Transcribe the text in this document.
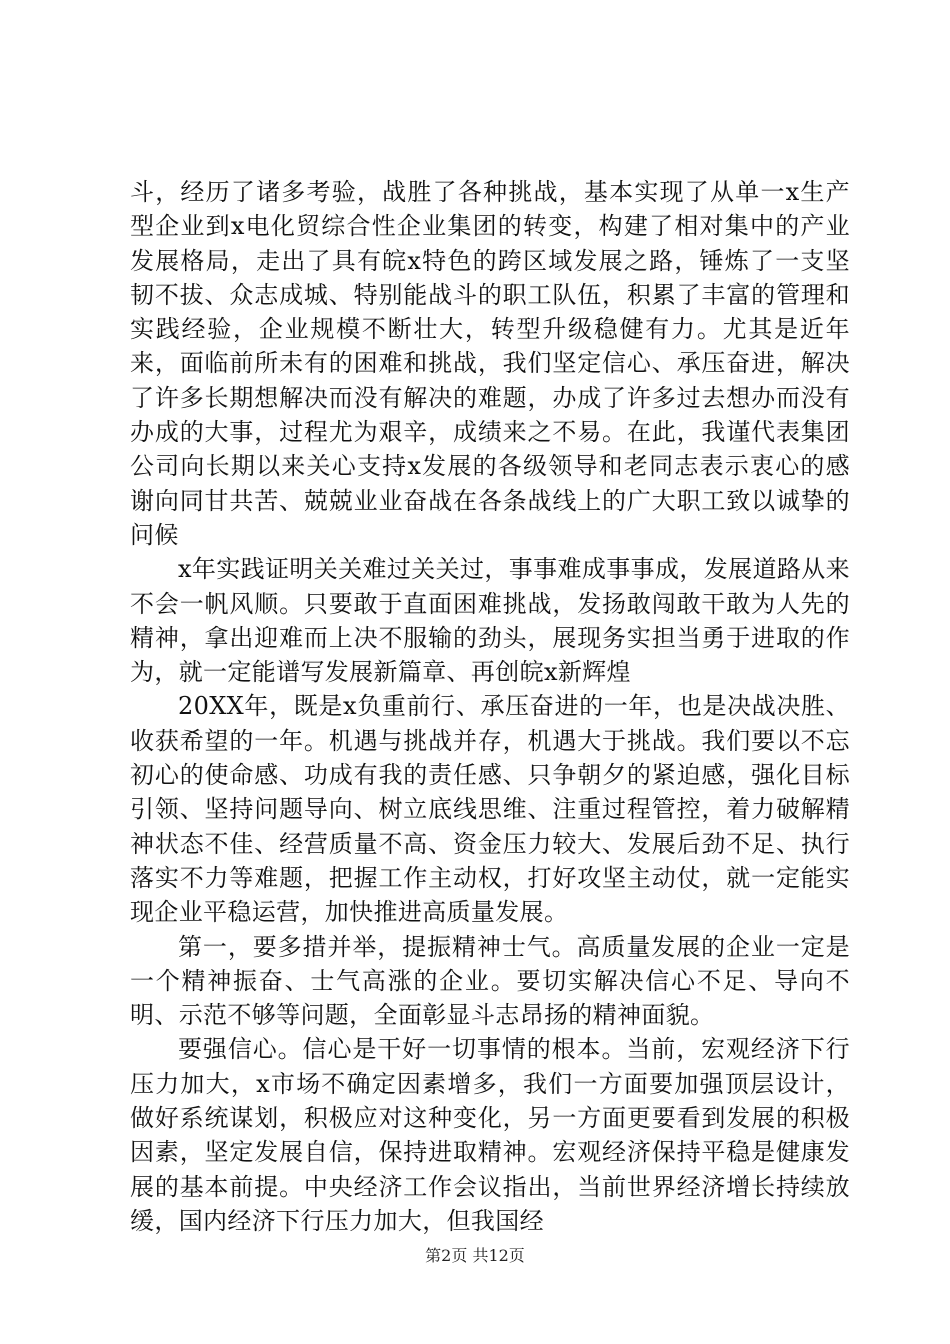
斗，经历了诸多考验，战胜了各种挑战，基本实现了从单一x生产型企业到x电化贸综合性企业集团的转变，构建了相对集中的产业发展格局，走出了具有皖x特色的跨区域发展之路，锤炼了一支坚韧不拔、众志成城、特别能战斗的职工队伍，积累了丰富的管理和实践经验，企业规模不断壮大，转型升级稳健有力。尤其是近年来，面临前所未有的困难和挑战，我们坚定信心、承压奋进，解决了许多长期想解决而没有解决的难题，办成了许多过去想办而没有办成的大事，过程尤为艰辛，成绩来之不易。在此，我谨代表集团公司向长期以来关心支持x发展的各级领导和老同志表示衷心的感谢向同甘共苦、兢兢业业奋战在各条战线上的广大职工致以诚挚的问候

x年实践证明关关难过关关过，事事难成事事成，发展道路从来不会一帆风顺。只要敢于直面困难挑战，发扬敢闯敢干敢为人先的精神，拿出迎难而上决不服输的劲头，展现务实担当勇于进取的作为，就一定能谱写发展新篇章、再创皖x新辉煌

20XX年，既是x负重前行、承压奋进的一年，也是决战决胜、收获希望的一年。机遇与挑战并存，机遇大于挑战。我们要以不忘初心的使命感、功成有我的责任感、只争朝夕的紧迫感，强化目标引领、坚持问题导向、树立底线思维、注重过程管控，着力破解精神状态不佳、经营质量不高、资金压力较大、发展后劲不足、执行落实不力等难题，把握工作主动权，打好攻坚主动仗，就一定能实现企业平稳运营，加快推进高质量发展。

第一，要多措并举，提振精神士气。高质量发展的企业一定是一个精神振奋、士气高涨的企业。要切实解决信心不足、导向不明、示范不够等问题，全面彰显斗志昂扬的精神面貌。

要强信心。信心是干好一切事情的根本。当前，宏观经济下行压力加大，x市场不确定因素增多，我们一方面要加强顶层设计，做好系统谋划，积极应对这种变化，另一方面更要看到发展的积极因素，坚定发展自信，保持进取精神。宏观经济保持平稳是健康发展的基本前提。中央经济工作会议指出，当前世界经济增长持续放缓，国内经济下行压力加大，但我国经

第2页 共12页
